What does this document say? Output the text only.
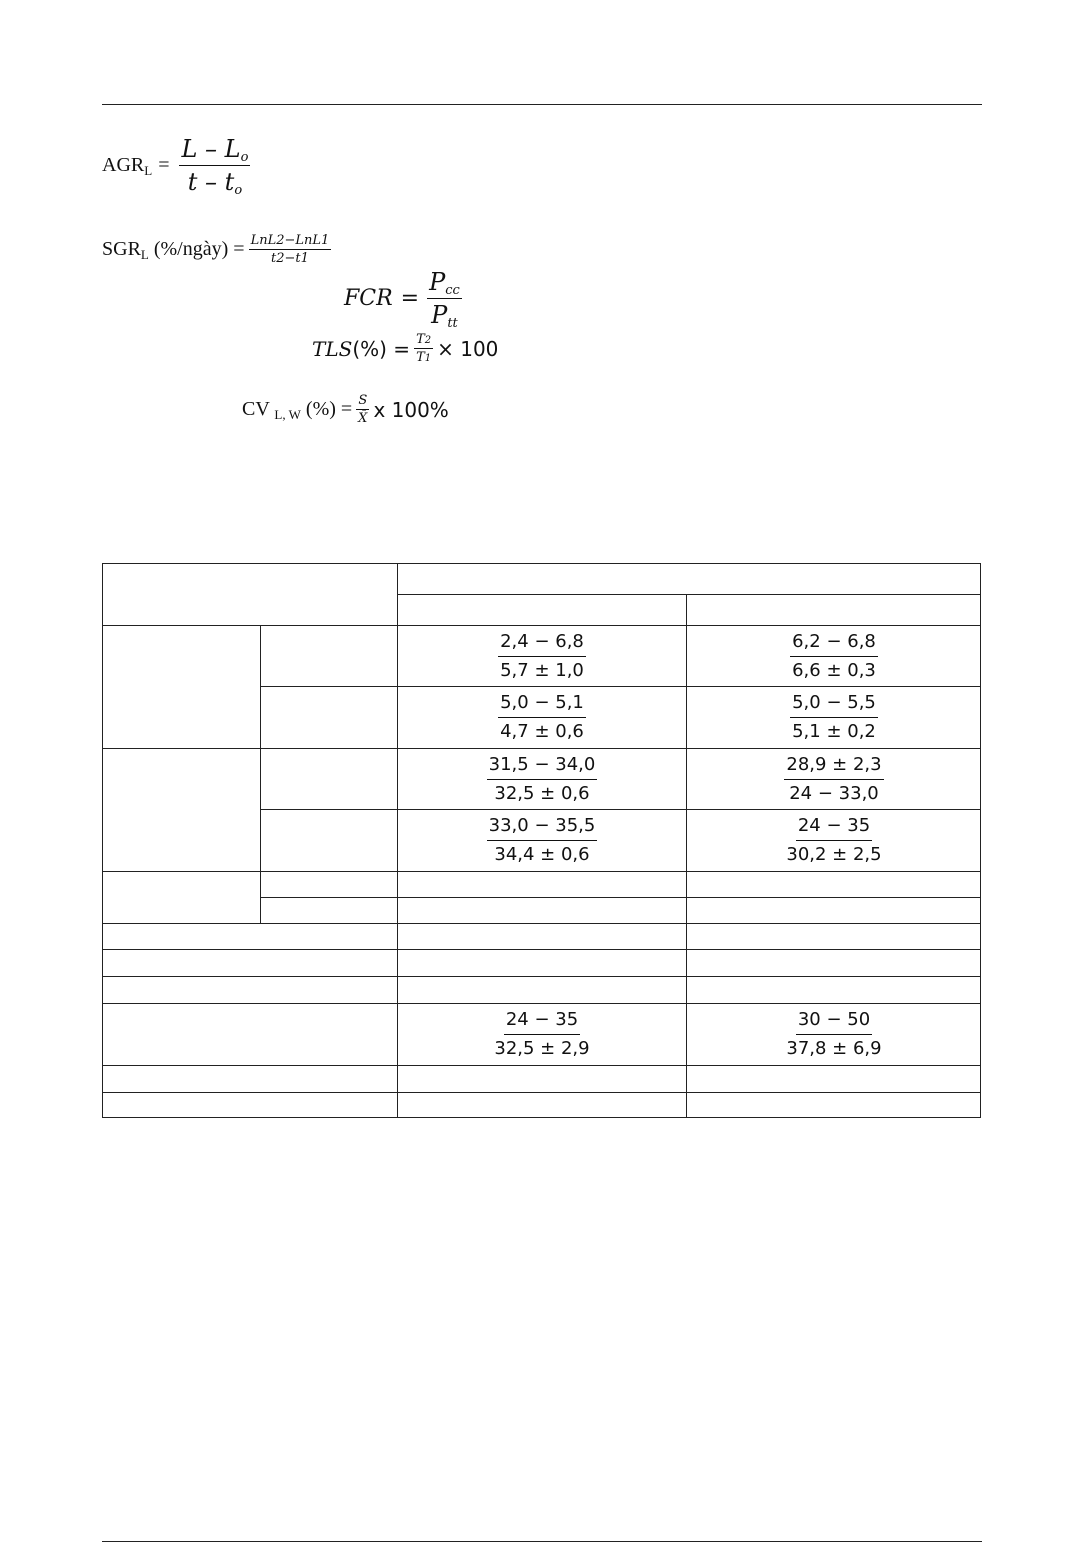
$AGR_L = \frac{L - Lo}{t - to}$
$SGR_L$ (%/ngày) = $\frac{\text{LnL2−LnL1}}{t2-t1}$
FCR = $\frac{\text{Pcc}}{\text{Ptt}}$
TLS (%) = $\frac{T2}{T1} \times 100$
CV $_{L, W}$ (%) = $\frac{S}{X̄}$ x 100%
2,4 − 6,8
5,7 ± 1,0
6,2 − 6,8
6,6 ± 0,3
5,0 − 5,1
4,7 ± 0,6
5,0 − 5,5
5,1 ± 0,2
31,5 − 34,0
32,5 ± 0,6
28,9 ± 2,3
24 − 33,0
33,0 − 35,5
34,4 ± 0,6
24 − 35
30,2 ± 2,5
24 − 35
32,5 ± 2,9
30 − 50
37,8 ± 6,9
